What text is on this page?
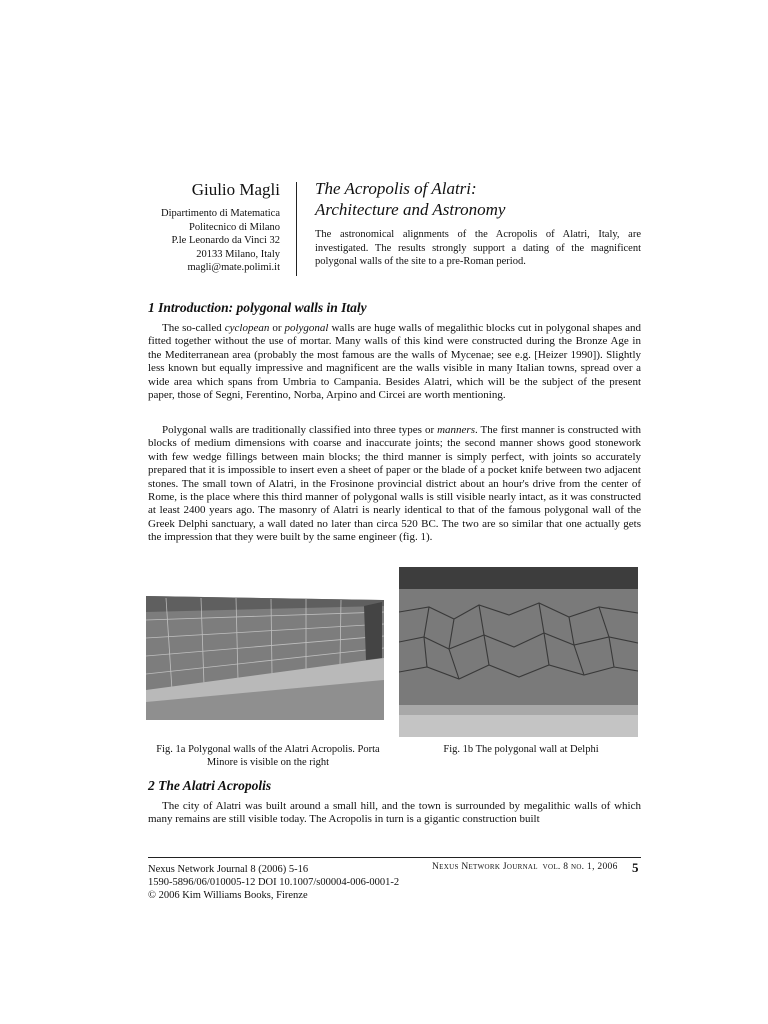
Giulio Magli
Dipartimento di Matematica
Politecnico di Milano
P.le Leonardo da Vinci 32
20133 Milano, Italy
magli@mate.polimi.it
The Acropolis of Alatri:
Architecture and Astronomy
The astronomical alignments of the Acropolis of Alatri, Italy, are investigated. The results strongly support a dating of the magnificent polygonal walls of the site to a pre-Roman period.
1 Introduction: polygonal walls in Italy
The so-called cyclopean or polygonal walls are huge walls of megalithic blocks cut in polygonal shapes and fitted together without the use of mortar. Many walls of this kind were constructed during the Bronze Age in the Mediterranean area (probably the most famous are the walls of Mycenae; see e.g. [Heizer 1990]). Slightly less known but equally impressive and magnificent are the walls visible in many Italian towns, spread over a wide area which spans from Umbria to Campania. Besides Alatri, which will be the subject of the present paper, those of Segni, Ferentino, Norba, Arpino and Circei are worth mentioning.
Polygonal walls are traditionally classified into three types or manners. The first manner is constructed with blocks of medium dimensions with coarse and inaccurate joints; the second manner shows good stonework with few wedge fillings between main blocks; the third manner is simply perfect, with joints so accurately prepared that it is impossible to insert even a sheet of paper or the blade of a pocket knife between two adjacent stones. The small town of Alatri, in the Frosinone provincial district about an hour's drive from the center of Rome, is the place where this third manner of polygonal walls is still visible nearly intact, as it was constructed at least 2400 years ago. The masonry of Alatri is nearly identical to that of the famous polygonal wall of the Greek Delphi sanctuary, a wall dated no later than circa 520 BC. The two are so similar that one actually gets the impression that they were built by the same engineer (fig. 1).
Fig. 1a Polygonal walls of the Alatri Acropolis. Porta
Minore is visible on the right
Fig. 1b The polygonal wall at Delphi
2 The Alatri Acropolis
The city of Alatri was built around a small hill, and the town is surrounded by megalithic walls of which many remains are still visible today. The Acropolis in turn is a gigantic construction built
Nexus Network Journal 8 (2006) 5-16
1590-5896/06/010005-12 DOI 10.1007/s00004-006-0001-2
© 2006 Kim Williams Books, Firenze
Nexus Network Journal vol. 8 no. 1, 2006 5
